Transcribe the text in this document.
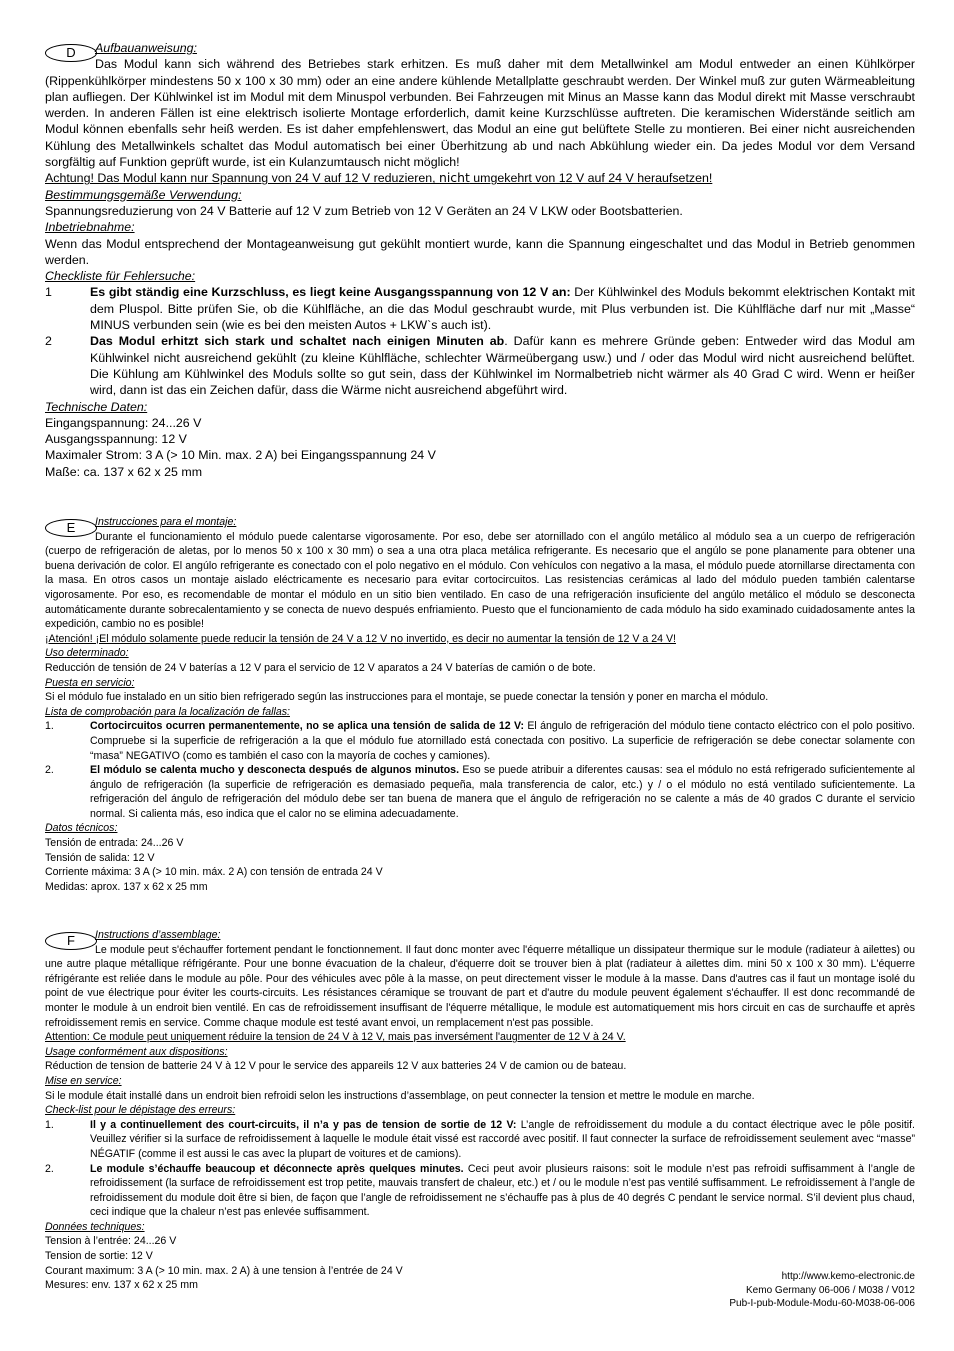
D	Aufbauanweisung:

Das Modul kann sich während des Betriebes stark erhitzen. Es muß daher mit dem Metallwinkel am Modul entweder an einen Kühlkörper (Rippenkühlkörper mindestens 50 x 100 x 30 mm) oder an eine andere kühlende Metallplatte geschraubt werden. Der Winkel muß zur guten Wärmeableitung plan aufliegen. Der Kühlwinkel ist im Modul mit dem Minuspol verbunden. Bei Fahrzeugen mit Minus an Masse kann das Modul direkt mit Masse verschraubt werden. In anderen Fällen ist eine elektrisch isolierte Montage erforderlich, damit keine Kurzschlüsse auftreten. Die keramischen Widerstände seitlich am Modul können ebenfalls sehr heiß werden. Es ist daher empfehlenswert, das Modul an eine gut belüftete Stelle zu montieren. Bei einer nicht ausreichenden Kühlung des Metallwinkels schaltet das Modul automatisch bei einer Überhitzung ab und nach Abkühlung wieder ein. Da jedes Modul vor dem Versand sorgfältig auf Funktion geprüft wurde, ist ein Kulanzumtausch nicht möglich!

Achtung! Das Modul kann nur Spannung von 24 V auf 12 V reduzieren, nicht umgekehrt von 12 V auf 24 V heraufsetzen!

Bestimmungsgemäße Verwendung:

Spannungsreduzierung von 24 V Batterie auf 12 V zum Betrieb von 12 V Geräten an 24 V LKW oder Bootsbatterien.

Inbetriebnahme:

Wenn das Modul entsprechend der Montageanweisung gut gekühlt montiert wurde, kann die Spannung eingeschaltet und das Modul in Betrieb genommen werden.

Checkliste für Fehlersuche:

1	Es gibt ständig eine Kurzschluss, es liegt keine Ausgangsspannung von 12 V an: Der Kühlwinkel des Moduls bekommt elektrischen Kontakt mit dem Pluspol. Bitte prüfen Sie, ob die Kühlfläche, an die das Modul geschraubt wurde, mit Plus verbunden ist. Die Kühlfläche darf nur mit „Masse“ MINUS verbunden sein (wie es bei den meisten Autos + LKW`s auch ist).

2	Das Modul erhitzt sich stark und schaltet nach einigen Minuten ab. Dafür kann es mehrere Gründe geben: Entweder wird das Modul am Kühlwinkel nicht ausreichend gekühlt (zu kleine Kühlfläche, schlechter Wärmeübergang usw.) und / oder das Modul wird nicht ausreichend belüftet. Die Kühlung am Kühlwinkel des Moduls sollte so gut sein, dass der Kühlwinkel im Normalbetrieb nicht wärmer als 40 Grad C wird. Wenn er heißer wird, dann ist das ein Zeichen dafür, dass die Wärme nicht ausreichend abgeführt wird.

Technische Daten:
Eingangspannung: 24...26 V
Ausgangsspannung: 12 V
Maximaler Strom: 3 A (> 10 Min. max. 2 A) bei Eingangsspannung 24 V
Maße: ca. 137 x 62 x 25 mm
E	Instrucciones para el montaje:

Durante el funcionamiento el módulo puede calentarse vigorosamente. Por eso, debe ser atornillado con el angúlo metálico al módulo sea a un cuerpo de refrigeración (cuerpo de refrigeración de aletas, por lo menos 50 x 100 x 30 mm) o sea a una otra placa metálica refrigerante. Es necesario que el angúlo se pone planamente para obtener una buena derivación de color. El angúlo refrigerante es conectado con el polo negativo en el módulo. Con vehículos con negativo a la masa, el módulo puede atornillarse directamenta con la masa. En otros casos un montaje aislado eléctricamente es necesario para evitar cortocircuitos. Las resistencias cerámicas al lado del módulo pueden también calentarse vigorosamente. Por eso, es recomendable de montar el módulo en un sitio bien ventilado. En caso de una refrigeración insuficiente del angúlo metálico el módulo se desconecta automáticamente durante sobrecalentamiento y se conecta de nuevo después enfriamiento. Puesto que el funcionamiento de cada módulo ha sido examinado cuidadosamente antes la expedición, cambio no es posible!

¡Atención! ¡El módulo solamente puede reducir la tensión de 24 V a 12 V no invertido, es decir no aumentar la tensión de 12 V a 24 V!

Uso determinado:

Reducción de tensión de 24 V baterías a 12 V para el servicio de 12 V aparatos a 24 V baterías de camión o de bote.

Puesta en servicio:

Si el módulo fue instalado en un sitio bien refrigerado según las instrucciones para el montaje, se puede conectar la tensión y poner en marcha el módulo.

Lista de comprobación para la localización de fallas:

1.	Cortocircuitos ocurren permanentemente, no se aplica una tensión de salida de 12 V: El ángulo de refrigeración del módulo tiene contacto eléctrico con el polo positivo. Compruebe si la superficie de refrigeración a la que el módulo fue atornillado está conectada con positivo. La superficie de refrigeración se debe conectar solamente con “masa” NEGATIVO (como es también el caso con la mayoría de coches y camiones).

2.	El módulo se calenta mucho y desconecta después de algunos minutos. Eso se puede atribuir a diferentes causas: sea el módulo no está refrigerado suficientemente al ángulo de refrigeración (la superficie de refrigeración es demasiado pequeña, mala transferencia de calor, etc.) y / o el módulo no está ventilado suficientemente. La refrigeración del ángulo de refrigeración del módulo debe ser tan buena de manera que el ángulo de refrigeración no se calente a más de 40 grados C durante el servicio normal. Si calienta más, eso indica que el calor no se elimina adecuadamente.

Datos técnicos:
Tensión de entrada: 24...26 V
Tensión de salida: 12 V
Corriente máxima: 3 A (> 10 min. máx. 2 A) con tensión de entrada 24 V
Medidas: aprox. 137 x 62 x 25 mm
F	Instructions d’assemblage:

Le module peut s'échauffer fortement pendant le fonctionnement. Il faut donc monter avec l'équerre métallique un dissipateur thermique sur le module (radiateur à ailettes) ou une autre plaque métallique réfrigérante. Pour une bonne évacuation de la chaleur, d'équerre doit se trouver bien à plat (radiateur à ailettes dim. mini 50 x 100 x 30 mm). L'équerre réfrigérante est reliée dans le module au pôle. Pour des véhicules avec pôle à la masse, on peut directement visser le module à la masse. Dans d'autres cas il faut un montage isolé du point de vue électrique pour éviter les courts-circuits. Les résistances céramique se trouvant de part et d'autre du module peuvent également s'échauffer. Il est donc recommandé de monter le module à un endroit bien ventilé. En cas de refroidissement insuffisant de l'équerre métallique, le module est automatiquement mis hors circuit en cas de surchauffe et après refroidissement remis en service. Comme chaque module est testé avant envoi, un remplacement n'est pas possible.

Attention: Ce module peut uniquement réduire la tension de 24 V à 12 V, mais pas inversément l'augmenter de 12 V à 24 V.

Usage conformément aux dispositions:

Réduction de tension de batterie 24 V à 12 V pour le service des appareils 12 V aux batteries 24 V de camion ou de bateau.

Mise en service:

Si le module était installé dans un endroit bien refroidi selon les instructions d’assemblage, on peut connecter la tension et mettre le module en marche.

Check-list pour le dépistage des erreurs:

1.	Il y a continuellement des court-circuits, il n’a y pas de tension de sortie de 12 V: L’angle de refroidissement du module a du contact électrique avec le pôle positif. Veuillez vérifier si la surface de refroidissement à laquelle le module était vissé est raccordé avec positif. Il faut connecter la surface de refroidissement seulement avec “masse” NÉGATIF (comme il est aussi le cas avec la plupart de voitures et de camions).

2.	Le module s’échauffe beaucoup et déconnecte après quelques minutes. Ceci peut avoir plusieurs raisons: soit le module n’est pas refroidi suffisamment à l’angle de refroidissement (la surface de refroidissement est trop petite, mauvais transfert de chaleur, etc.) et / ou le module n’est pas ventilé suffisamment. Le refroidissement à l’angle de refroidissement du module doit être si bien, de façon que l’angle de refroidissement ne s’échauffe pas à plus de 40 degrés C pendant le service normal. S’il devient plus chaud, ceci indique que la chaleur n’est pas enlevée suffisamment.

Données techniques:
Tension à l’entrée: 24...26 V
Tension de sortie: 12 V
Courant maximum: 3 A (> 10 min. max. 2 A) à une tension à l’entrée de 24 V
Mesures: env. 137 x 62 x 25 mm
http://www.kemo-electronic.de
Kemo Germany 06-006 / M038 / V012
Pub-I-pub-Module-Modu-60-M038-06-006
